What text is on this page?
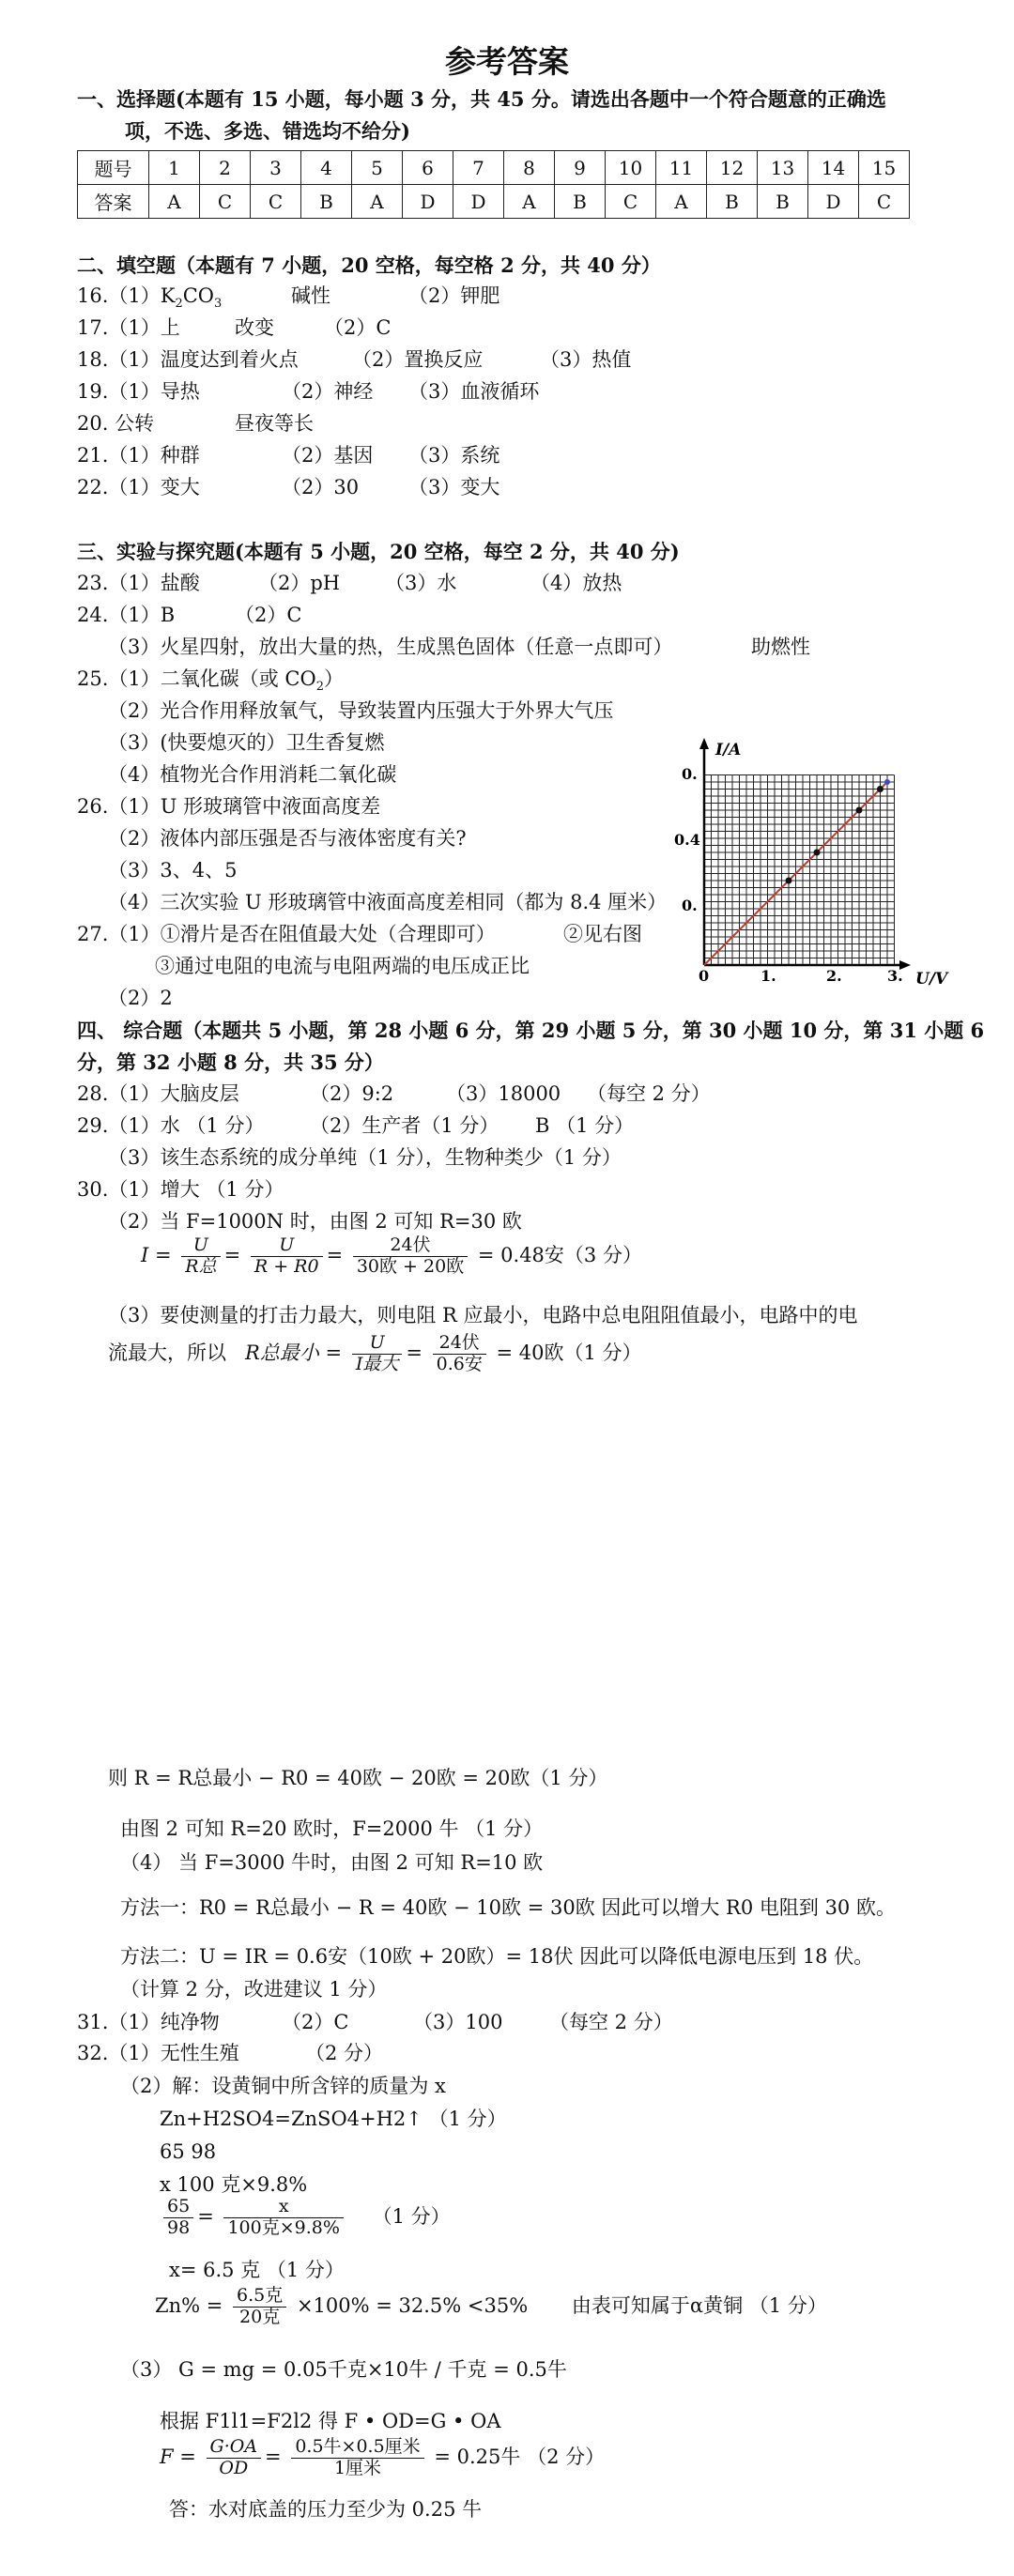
参考答案
一、选择题(本题有 15 小题，每小题 3 分，共 45 分。请选出各题中一个符合题意的正确选
项，不选、多选、错选均不给分)
题号	1	2	3	4	5	6	7	8	9	10	11	12	13	14	15
答案	A	C	C	B	A	D	D	A	B	C	A	B	B	D	C
二、填空题（本题有 7 小题，20 空格，每空格 2 分，共 40 分）
$16.(1)K_2CO_3$	碱性	（2）钾肥
17.（1）上	改变	（2）C
18.（1）温度达到着火点	（2）置换反应	（3）热值
19.（1）导热	（2）神经 （3）血液循环
20. 公转	昼夜等长
21.（1）种群	（2）基因 （3）系统
22.（1）变大	（2）30	（3）变大
三、实验与探究题(本题有 5 小题，20 空格，每空 2 分，共 40 分)
23.（1）盐酸	（2）pH （3）水	（4）放热
24.（1）B	（2）C
（3）火星四射，放出大量的热，生成黑色固体（任意一点即可）	助燃性
25.（1）二氧化碳（或 $CO_2$）
（2）光合作用释放氧气，导致装置内压强大于外界大气压
（3）(快要熄灭的）卫生香复燃
（4）植物光合作用消耗二氧化碳
26.（1）U 形玻璃管中液面高度差
（2）液体内部压强是否与液体密度有关?
（3）3、4、5
（4）三次实验 U 形玻璃管中液面高度差相同（都为 8.4 厘米）
27.（1）①滑片是否在阻值最大处（合理即可）	②见右图
③通过电阻的电流与电阻两端的电压成正比
（2）2
I/A
U/V
0.
0.4
0.
0	1.	2.	3.
四、 综合题（本题共 5 小题，第 28 小题 6 分，第 29 小题 5 分，第 30 小题 10 分，第 31 小题 6
分，第 32 小题 8 分，共 35 分）
28.（1）大脑皮层	（2）9:2	（3）18000 （每空 2 分）
29.（1）水 （1 分） （2）生产者（1 分） B （1 分）
（3）该生态系统的成分单纯（1 分），生物种类少（1 分）
30.（1）增大 （1 分）
（2）当 F=1000N 时，由图 2 可知 R=30 欧
$I = \frac{U}{\text{R总}} = \frac{U}{R + R0} = \frac{\text{24伏}}{\text{30欧 + 20欧}} = 0.48$安（3 分）
（3）要使测量的打击力最大，则电阻 R 应最小，电路中总电阻阻值最小，电路中的电
流最大，所以 R总最小 = $\frac{U}{\text{I最大}} = \frac{\text{24伏}}{\text{0.6安}} = 40$欧（1 分）
则 R = R总最小 − R0 = 40欧 − 20欧 = 20欧（1 分）
由图 2 可知 R=20 欧时，F=2000 牛 （1 分）
（4） 当 F=3000 牛时，由图 2 可知 R=10 欧
方法一：R0 = R总最小 − R = 40欧 − 10欧 = 30欧 因此可以增大 R0 电阻到 30 欧。
方法二：U = IR = 0.6安（10欧 + 20欧）= 18伏 因此可以降低电源电压到 18 伏。
（计算 2 分，改进建议 1 分）
31.（1）纯净物	（2）C	（3）100 （每空 2 分）
32.（1）无性生殖	（2 分）
（2）解：设黄铜中所含锌的质量为 x
Zn+H2SO4=ZnSO4+H2↑ （1 分）
65 98
x 100 克×9.8%
$\frac{65}{98} = \frac{x}{\text{100克×9.8\%}} (1$ 分）
x= 6.5 克 （1 分）
$Zn\% = \frac{\text{6.5克}}{\text{20克}} \times 100\% = 32.5\% <35\%$ 由表可知属于α黄铜 （1 分）
（3） G = mg = 0.05千克×10牛 / 千克 = 0.5牛
根据 F1l1=F2l2 得 F • OD=G • OA
$F = \frac{G\cdot OA}{OD} = \frac{\text{0.5牛×0.5厘米}}{\text{1厘米}} = 0.25$牛 （2 分）
答：水对底盖的压力至少为 0.25 牛
